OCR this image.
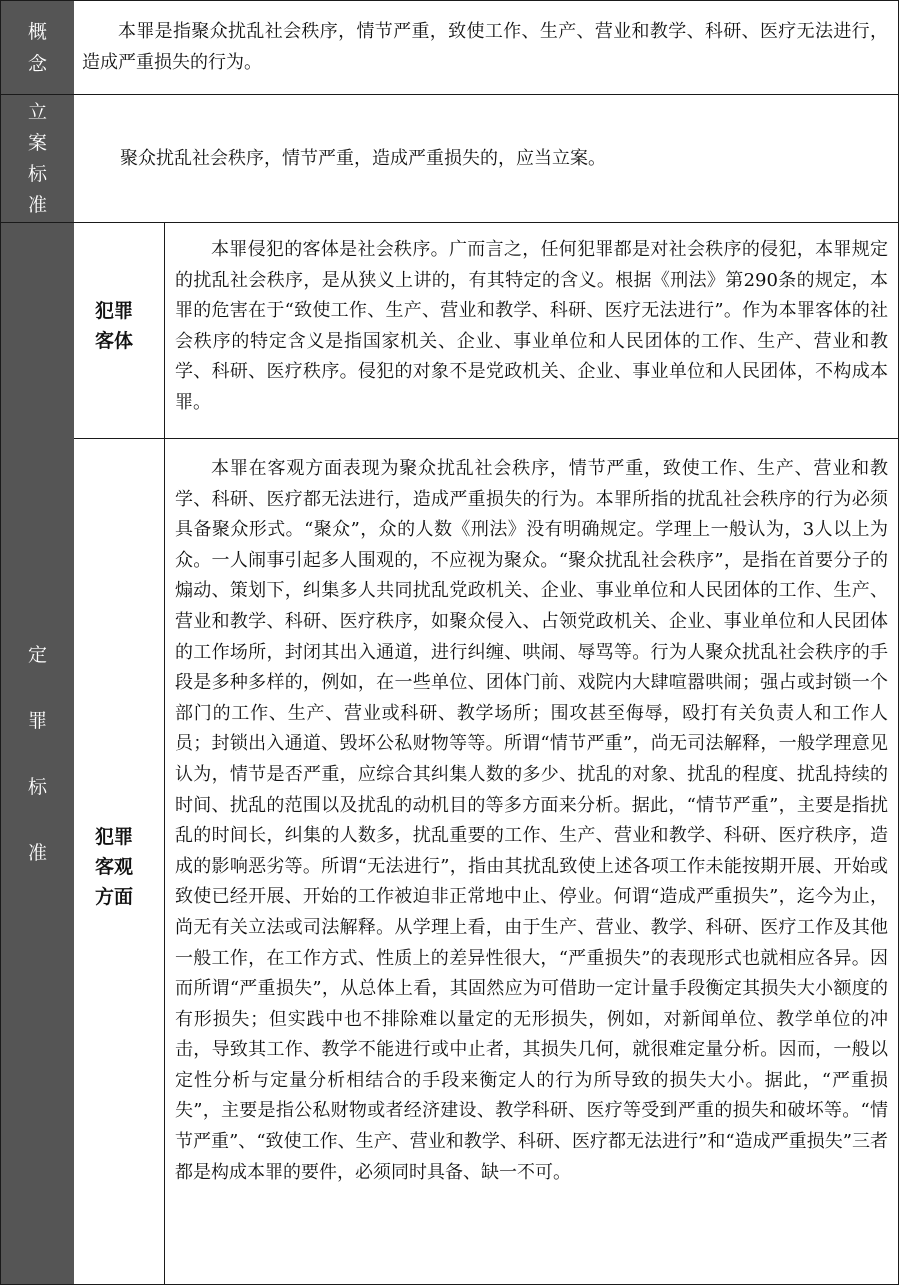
概念

本罪是指聚众扰乱社会秩序，情节严重，致使工作、生产、营业和教学、科研、医疗无法进行，造成严重损失的行为。

立案标准

聚众扰乱社会秩序，情节严重，造成严重损失的，应当立案。

定罪标准
犯罪客体

本罪侵犯的客体是社会秩序。广而言之，任何犯罪都是对社会秩序的侵犯，本罪规定的扰乱社会秩序，是从狭义上讲的，有其特定的含义。根据《刑法》第290条的规定，本罪的危害在于“致使工作、生产、营业和教学、科研、医疗无法进行”。作为本罪客体的社会秩序的特定含义是指国家机关、企业、事业单位和人民团体的工作、生产、营业和教学、科研、医疗秩序。侵犯的对象不是党政机关、企业、事业单位和人民团体，不构成本罪。

犯罪客观方面

本罪在客观方面表现为聚众扰乱社会秩序，情节严重，致使工作、生产、营业和教学、科研、医疗都无法进行，造成严重损失的行为。本罪所指的扰乱社会秩序的行为必须具备聚众形式。“聚众”，众的人数《刑法》没有明确规定。学理上一般认为，3人以上为众。一人闹事引起多人围观的，不应视为聚众。“聚众扰乱社会秩序”，是指在首要分子的煽动、策划下，纠集多人共同扰乱党政机关、企业、事业单位和人民团体的工作、生产、营业和教学、科研、医疗秩序，如聚众侵入、占领党政机关、企业、事业单位和人民团体的工作场所，封闭其出入通道，进行纠缠、哄闹、辱骂等。行为人聚众扰乱社会秩序的手段是多种多样的，例如，在一些单位、团体门前、戏院内大肆喧嚣哄闹；强占或封锁一个部门的工作、生产、营业或科研、教学场所；围攻甚至侮辱，殴打有关负责人和工作人员；封锁出入通道、毁坏公私财物等等。所谓“情节严重”，尚无司法解释，一般学理意见认为，情节是否严重，应综合其纠集人数的多少、扰乱的对象、扰乱的程度、扰乱持续的时间、扰乱的范围以及扰乱的动机目的等多方面来分析。据此，“情节严重”，主要是指扰乱的时间长，纠集的人数多，扰乱重要的工作、生产、营业和教学、科研、医疗秩序，造成的影响恶劣等。所谓“无法进行”，指由其扰乱致使上述各项工作未能按期开展、开始或致使已经开展、开始的工作被迫非正常地中止、停业。何谓“造成严重损失”，迄今为止，尚无有关立法或司法解释。从学理上看，由于生产、营业、教学、科研、医疗工作及其他一般工作，在工作方式、性质上的差异性很大，“严重损失”的表现形式也就相应各异。因而所谓“严重损失”，从总体上看，其固然应为可借助一定计量手段衡定其损失大小额度的有形损失；但实践中也不排除难以量定的无形损失，例如，对新闻单位、教学单位的冲击，导致其工作、教学不能进行或中止者，其损失几何，就很难定量分析。因而，一般以定性分析与定量分析相结合的手段来衡定人的行为所导致的损失大小。据此，“严重损失”，主要是指公私财物或者经济建设、教学科研、医疗等受到严重的损失和破坏等。“情节严重”、“致使工作、生产、营业和教学、科研、医疗都无法进行”和“造成严重损失”三者都是构成本罪的要件，必须同时具备、缺一不可。
